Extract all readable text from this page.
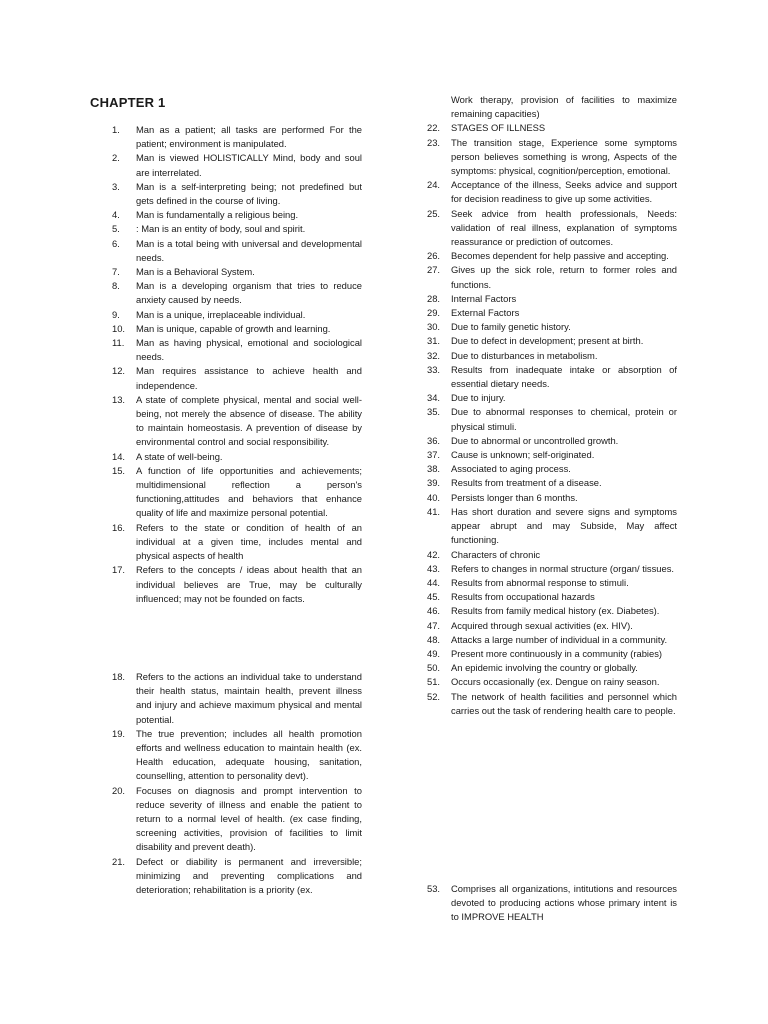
CHAPTER 1
1.	Man as a patient; all tasks are performed For the patient; environment is manipulated.
2.	Man is viewed HOLISTICALLY Mind, body and soul are interrelated.
3.	Man is a self-interpreting being; not predefined but gets defined in the course of living.
4.	Man is fundamentally a religious being.
5.	: Man is an entity of body, soul and spirit.
6.	Man is a total being with universal and developmental needs.
7.	Man is a Behavioral System.
8.	Man is a developing organism that tries to reduce anxiety caused by needs.
9.	Man is a unique, irreplaceable individual.
10.	Man is unique, capable of growth and learning.
11.	Man as having physical, emotional and sociological needs.
12.	Man requires assistance to achieve health and independence.
13.	A state of complete physical, mental and social well-being, not merely the absence of disease. The ability to maintain homeostasis. A prevention of disease by environmental control and social responsibility.
14.	A state of well-being.
15.	A function of life opportunities and achievements; multidimensional reflection a person's functioning,attitudes and behaviors that enhance quality of life and maximize personal potential.
16.	Refers to the state or condition of health of an individual at a given time, includes mental and physical aspects of health
17.	Refers to the concepts / ideas about health that an individual believes are True, may be culturally influenced; may not be founded on facts.
18.	Refers to the actions an individual take to understand their health status, maintain health, prevent illness and injury and achieve maximum physical and mental potential.
19.	The true prevention; includes all health promotion efforts and wellness education to maintain health (ex. Health education, adequate housing, sanitation, counselling, attention to personality devt).
20.	Focuses on diagnosis and prompt intervention to reduce severity of illness and enable the patient to return to a normal level of health. (ex case finding, screening activities, provision of facilities to limit disability and prevent death).
21.	Defect or diability is permanent and irreversible; minimizing and preventing complications and deterioration; rehabilitation is a priority (ex.
Work therapy, provision of facilities to maximize remaining capacities)
22.	STAGES OF ILLNESS
23.	The transition stage, Experience some symptoms person believes something is wrong, Aspects of the symptoms: physical, cognition/perception, emotional.
24.	Acceptance of the illness, Seeks advice and support for decision readiness to give up some activities.
25.	Seek advice from health professionals, Needs: validation of real illness, explanation of symptoms reassurance or prediction of outcomes.
26.	Becomes dependent for help passive and accepting.
27.	Gives up the sick role, return to former roles and functions.
28.	Internal Factors
29.	External Factors
30.	Due to family genetic history.
31.	Due to defect in development; present at birth.
32.	Due to disturbances in metabolism.
33.	Results from inadequate intake or absorption of essential dietary needs.
34.	Due to injury.
35.	Due to abnormal responses to chemical, protein or physical stimuli.
36.	Due to abnormal or uncontrolled growth.
37.	Cause is unknown; self-originated.
38.	Associated to aging process.
39.	Results from treatment of a disease.
40.	Persists longer than 6 months.
41.	Has short duration and severe signs and symptoms appear abrupt and may Subside, May affect functioning.
42.	Characters of chronic
43.	Refers to changes in normal structure (organ/ tissues.
44.	Results from abnormal response to stimuli.
45.	Results from occupational hazards
46.	Results from family medical history (ex. Diabetes).
47.	Acquired through sexual activities (ex. HIV).
48.	Attacks a large number of individual in a community.
49.	Present more continuously in a community (rabies)
50.	An epidemic involving the country or globally.
51.	Occurs occasionally (ex. Dengue on rainy season.
52.	The network of health facilities and personnel which carries out the task of rendering health care to people.
53.	Comprises all organizations, intitutions and resources devoted to producing actions whose primary intent is to IMPROVE HEALTH
